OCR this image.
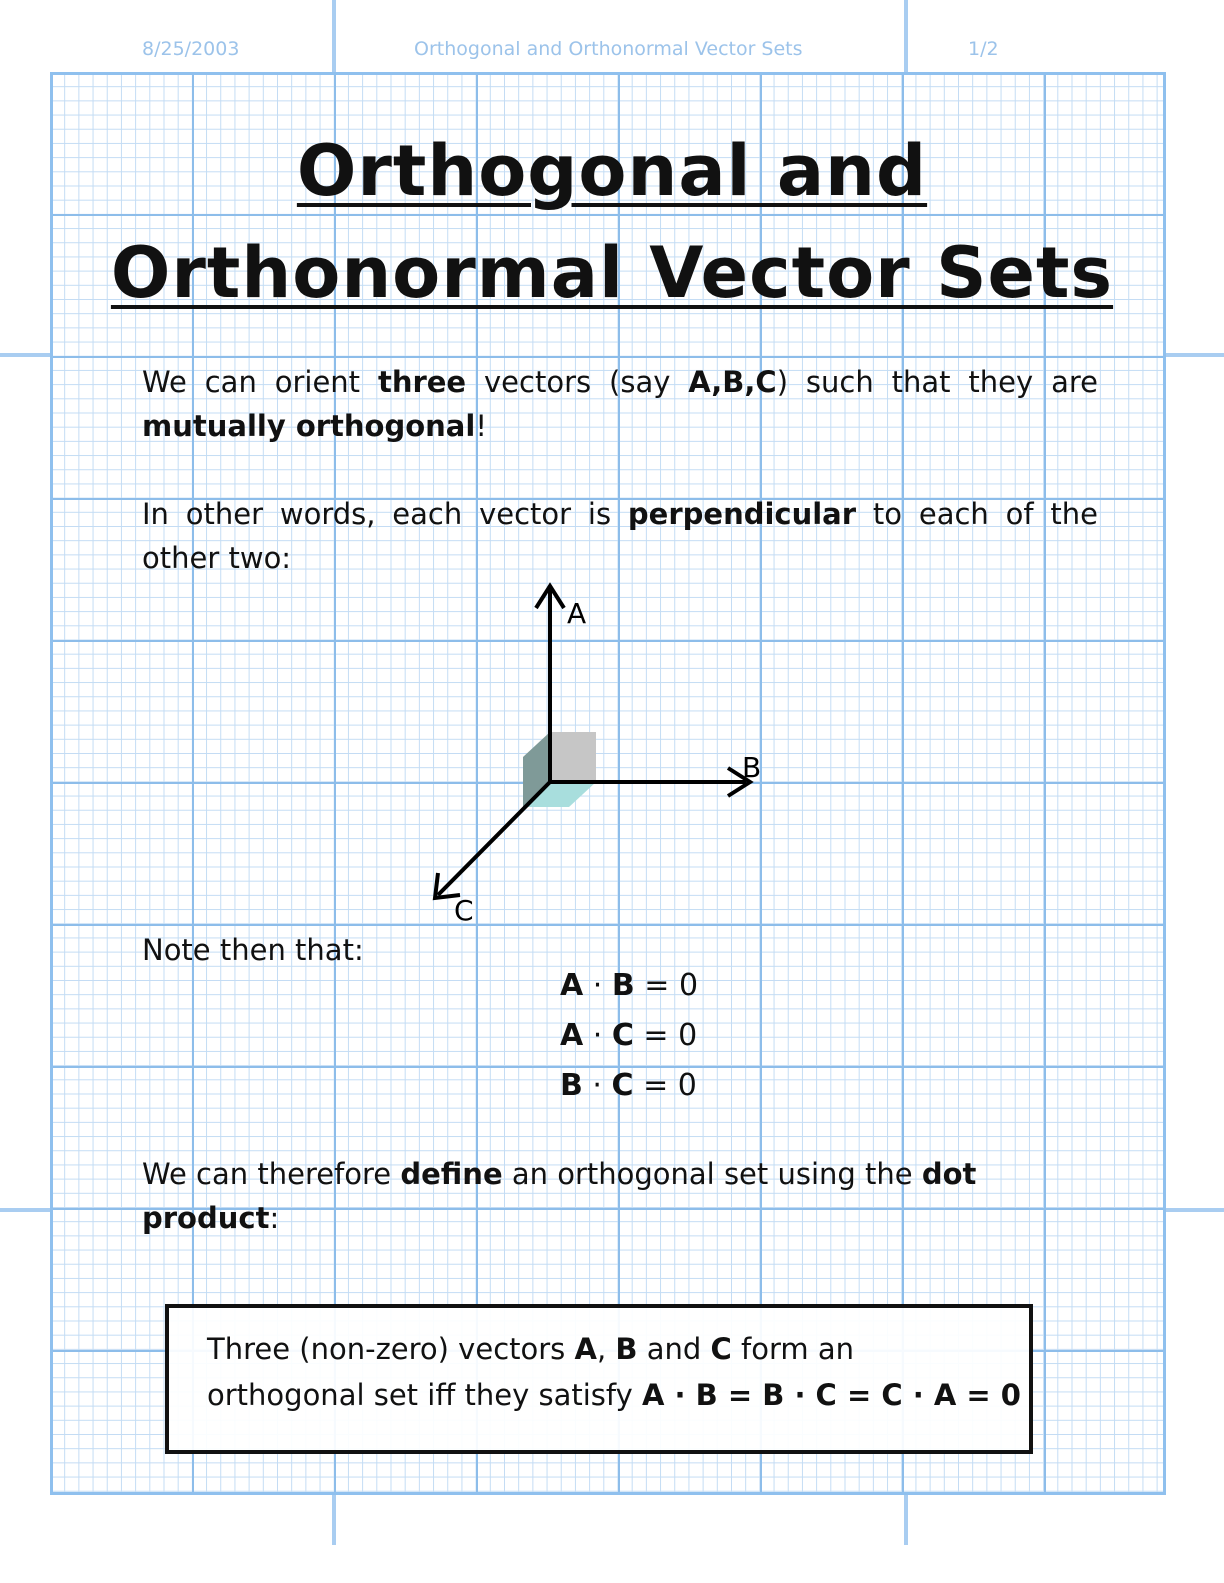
8/25/2003	Orthogonal and Orthonormal Vector Sets	1/2
Orthogonal and
Orthonormal Vector Sets
We can orient three vectors (say A,B,C) such that they are
mutually orthogonal!
In other words, each vector is perpendicular to each of the
other two:
A
B
C
Note then that:
A · B = 0
A · C = 0
B · C = 0
We can therefore define an orthogonal set using the dot
product:
Three (non-zero) vectors A, B and C form an
orthogonal set iff they satisfy A · B = B · C = C · A = 0
